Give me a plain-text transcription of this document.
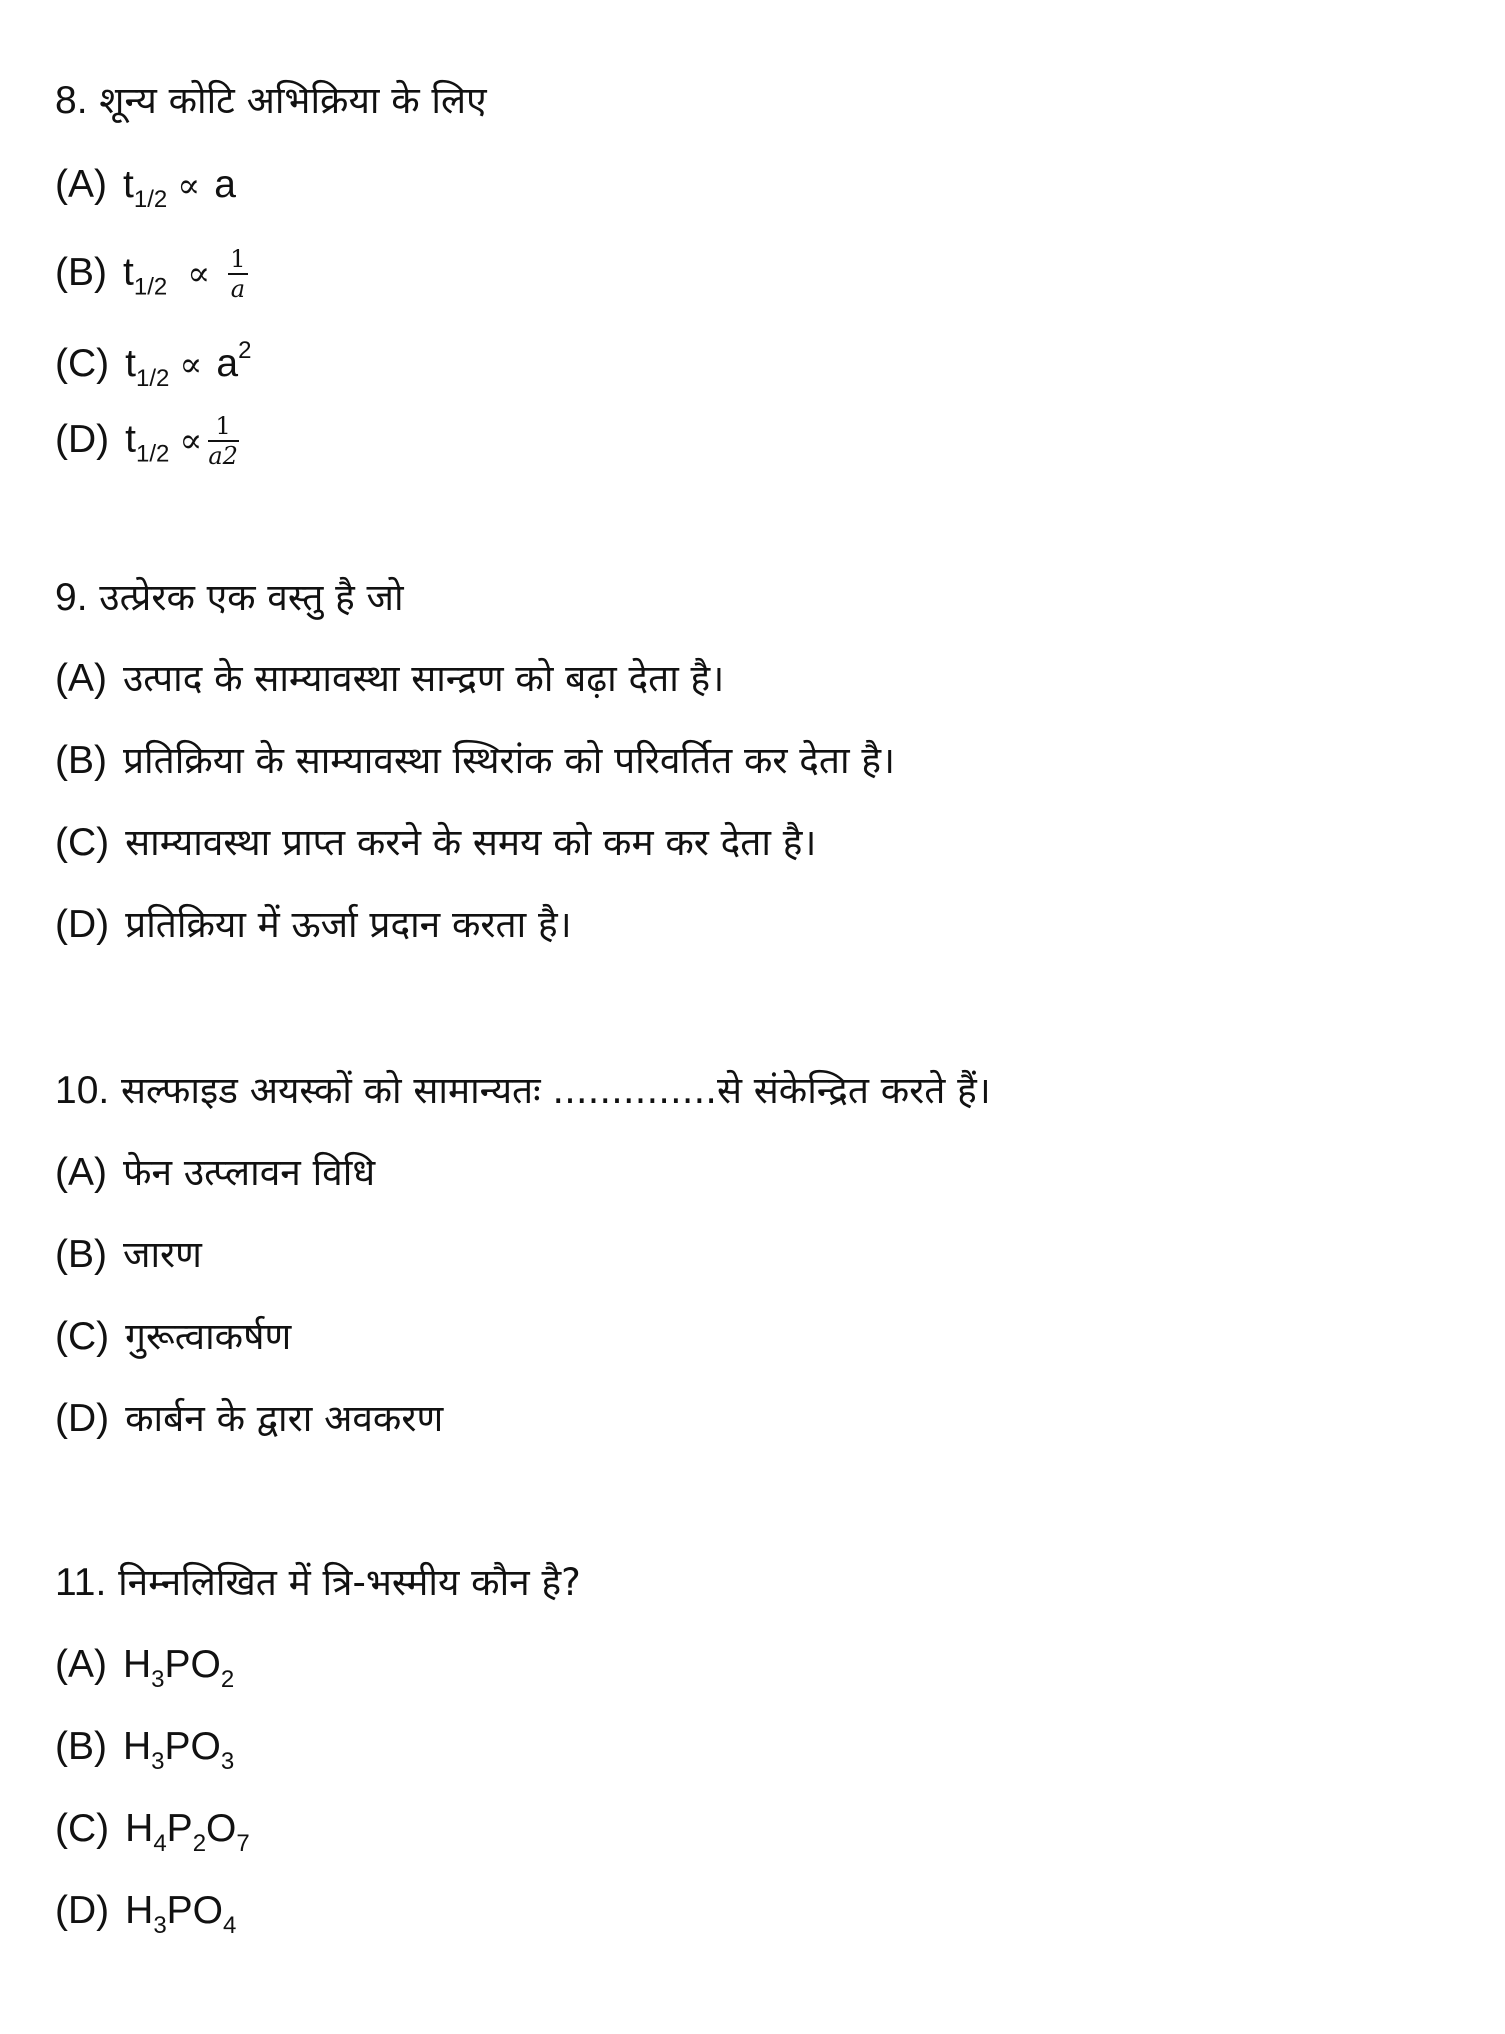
8. शून्य कोटि अभिक्रिया के लिए
(A) $t_{1/2} \propto a$
(B) $t_{1/2} \propto \frac{1}{a}$
(C) $t_{1/2} \propto a^2$
(D) $t_{1/2} \propto \frac{1}{a2}$
9. उत्प्रेरक एक वस्तु है जो
(A) उत्पाद के साम्यावस्था सान्द्रण को बढ़ा देता है।
(B) प्रतिक्रिया के साम्यावस्था स्थिरांक को परिवर्तित कर देता है।
(C) साम्यावस्था प्राप्त करने के समय को कम कर देता है।
(D) प्रतिक्रिया में ऊर्जा प्रदान करता है।
10. सल्फाइड अयस्कों को सामान्यतः ..............से संकेन्द्रित करते हैं।
(A) फेन उत्प्लावन विधि
(B) जारण
(C) गुरूत्वाकर्षण
(D) कार्बन के द्वारा अवकरण
11. निम्नलिखित में त्रि-भस्मीय कौन है?
(A) $H_3PO_2$
(B) $H_3PO_3$
(C) $H_4P_2O_7$
(D) $H_3PO_4$
